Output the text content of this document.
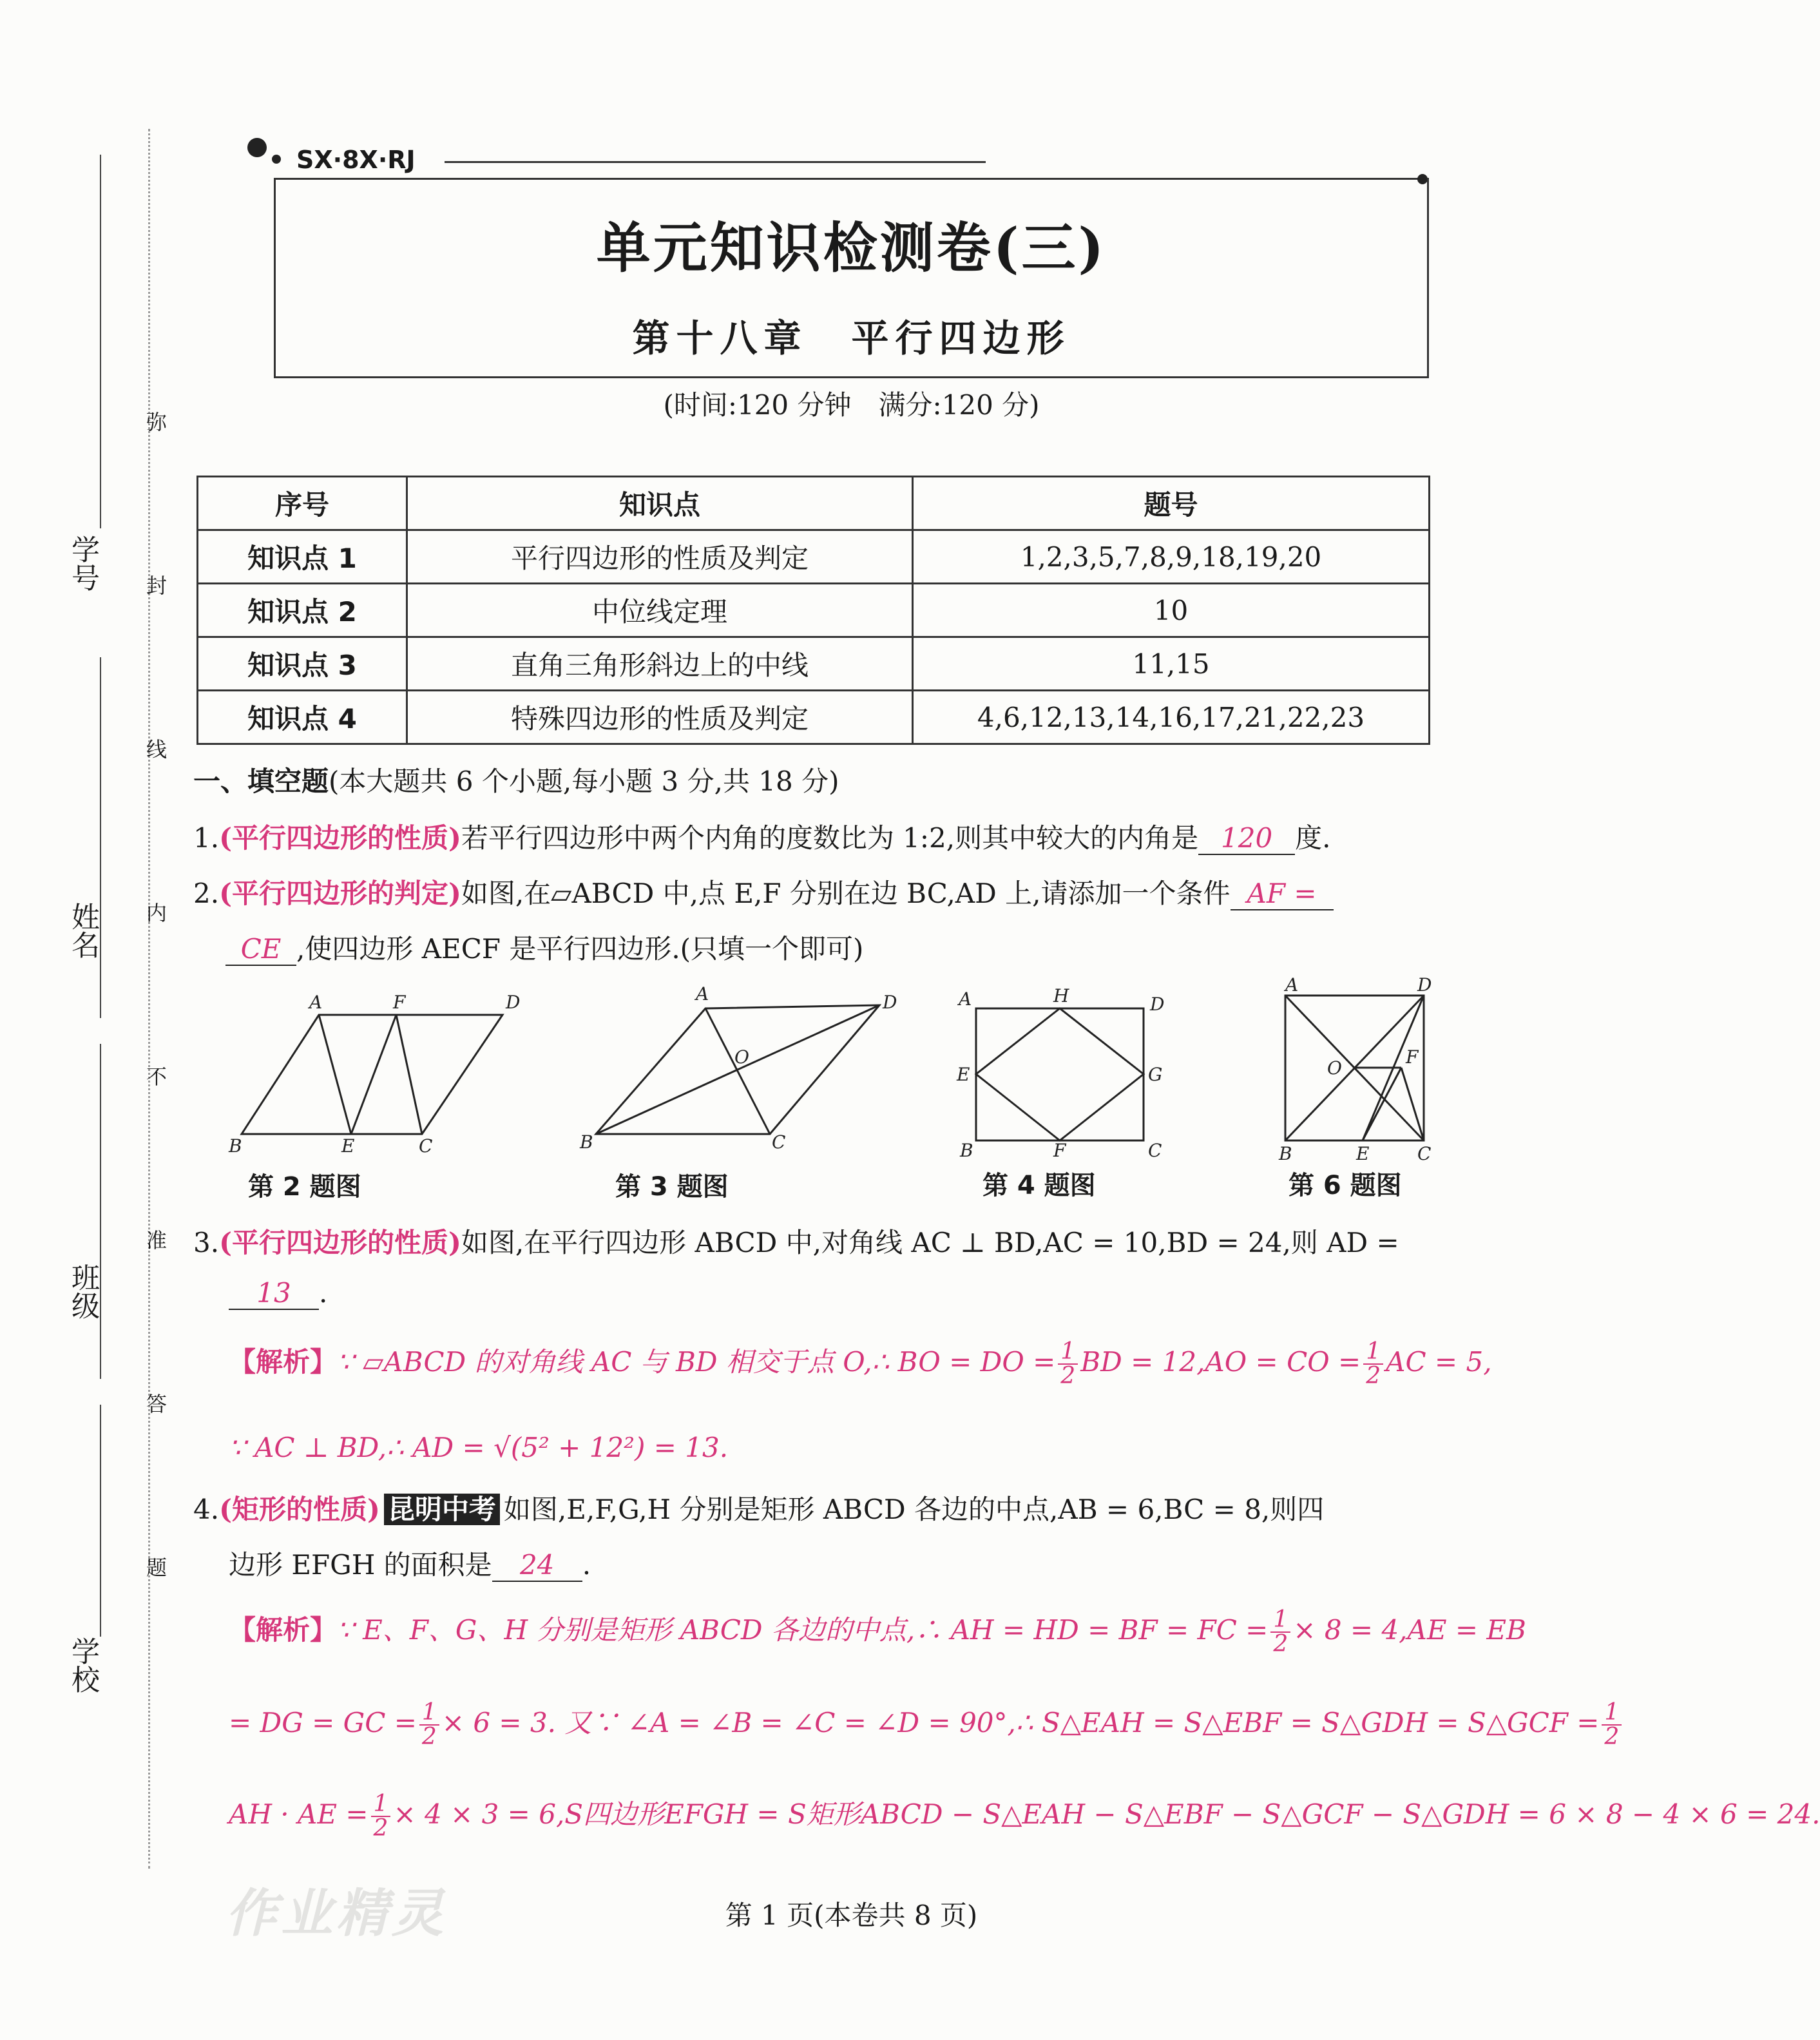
学号
姓名
班级
学校
弥
封
线
内
不
准
答
题
SX·8X·RJ
单元知识检测卷(三)
第十八章　平行四边形
(时间:120 分钟　满分:120 分)
序号	知识点	题号
知识点 1	平行四边形的性质及判定	1,2,3,5,7,8,9,18,19,20
知识点 2	中位线定理	10
知识点 3	直角三角形斜边上的中线	11,15
知识点 4	特殊四边形的性质及判定	4,6,12,13,14,16,17,21,22,23
一、填空题(本大题共 6 个小题,每小题 3 分,共 18 分)
1.(平行四边形的性质)若平行四边形中两个内角的度数比为 1:2,则其中较大的内角是 120 度.
2.(平行四边形的判定)如图,在▱ABCD 中,点 E,F 分别在边 BC,AD 上,请添加一个条件 AF =
CE ,使四边形 AECF 是平行四边形.(只填一个即可)
A	F	D
B	E	C
A	D
O
B	C
A	H	D
E	G
B	F	C
A	D
O
F
B	E	C
第 2 题图	第 3 题图	第 4 题图	第 6 题图
3.(平行四边形的性质)如图,在平行四边形 ABCD 中,对角线 AC ⊥ BD,AC = 10,BD = 24,则 AD =
13 .
【解析】∵ ▱ABCD 的对角线 AC 与 BD 相交于点 O,∴ BO = DO = $\frac{1}{2}$ BD = 12,AO = CO = $\frac{1}{2}$ AC = 5,
∵ AC ⊥ BD,∴ AD = √(5² + 12²) = 13.
4.(矩形的性质) 昆明中考 如图,E,F,G,H 分别是矩形 ABCD 各边的中点,AB = 6,BC = 8,则四
边形 EFGH 的面积是 24 .
【解析】∵ E、F、G、H 分别是矩形 ABCD 各边的中点,∴ AH = HD = BF = FC = $\frac{1}{2} \times 8 = 4,AE$ = EB
= DG = GC = $\frac{1}{2} \times 6 = 3$. 又∵ ∠A = ∠B = ∠C = ∠D = 90°,∴ S△EAH = S△EBF = S△GDH = S△GCF = $\frac{1}{2}$
AH · AE = $\frac{1}{2} \times 4 \times 3 = 6,S$四边形EFGH = S矩形ABCD − S△EAH − S△EBF − S△GCF − S△GDH = 6 × 8 − 4 × 6 = 24.
作业精灵	第 1 页(本卷共 8 页)
